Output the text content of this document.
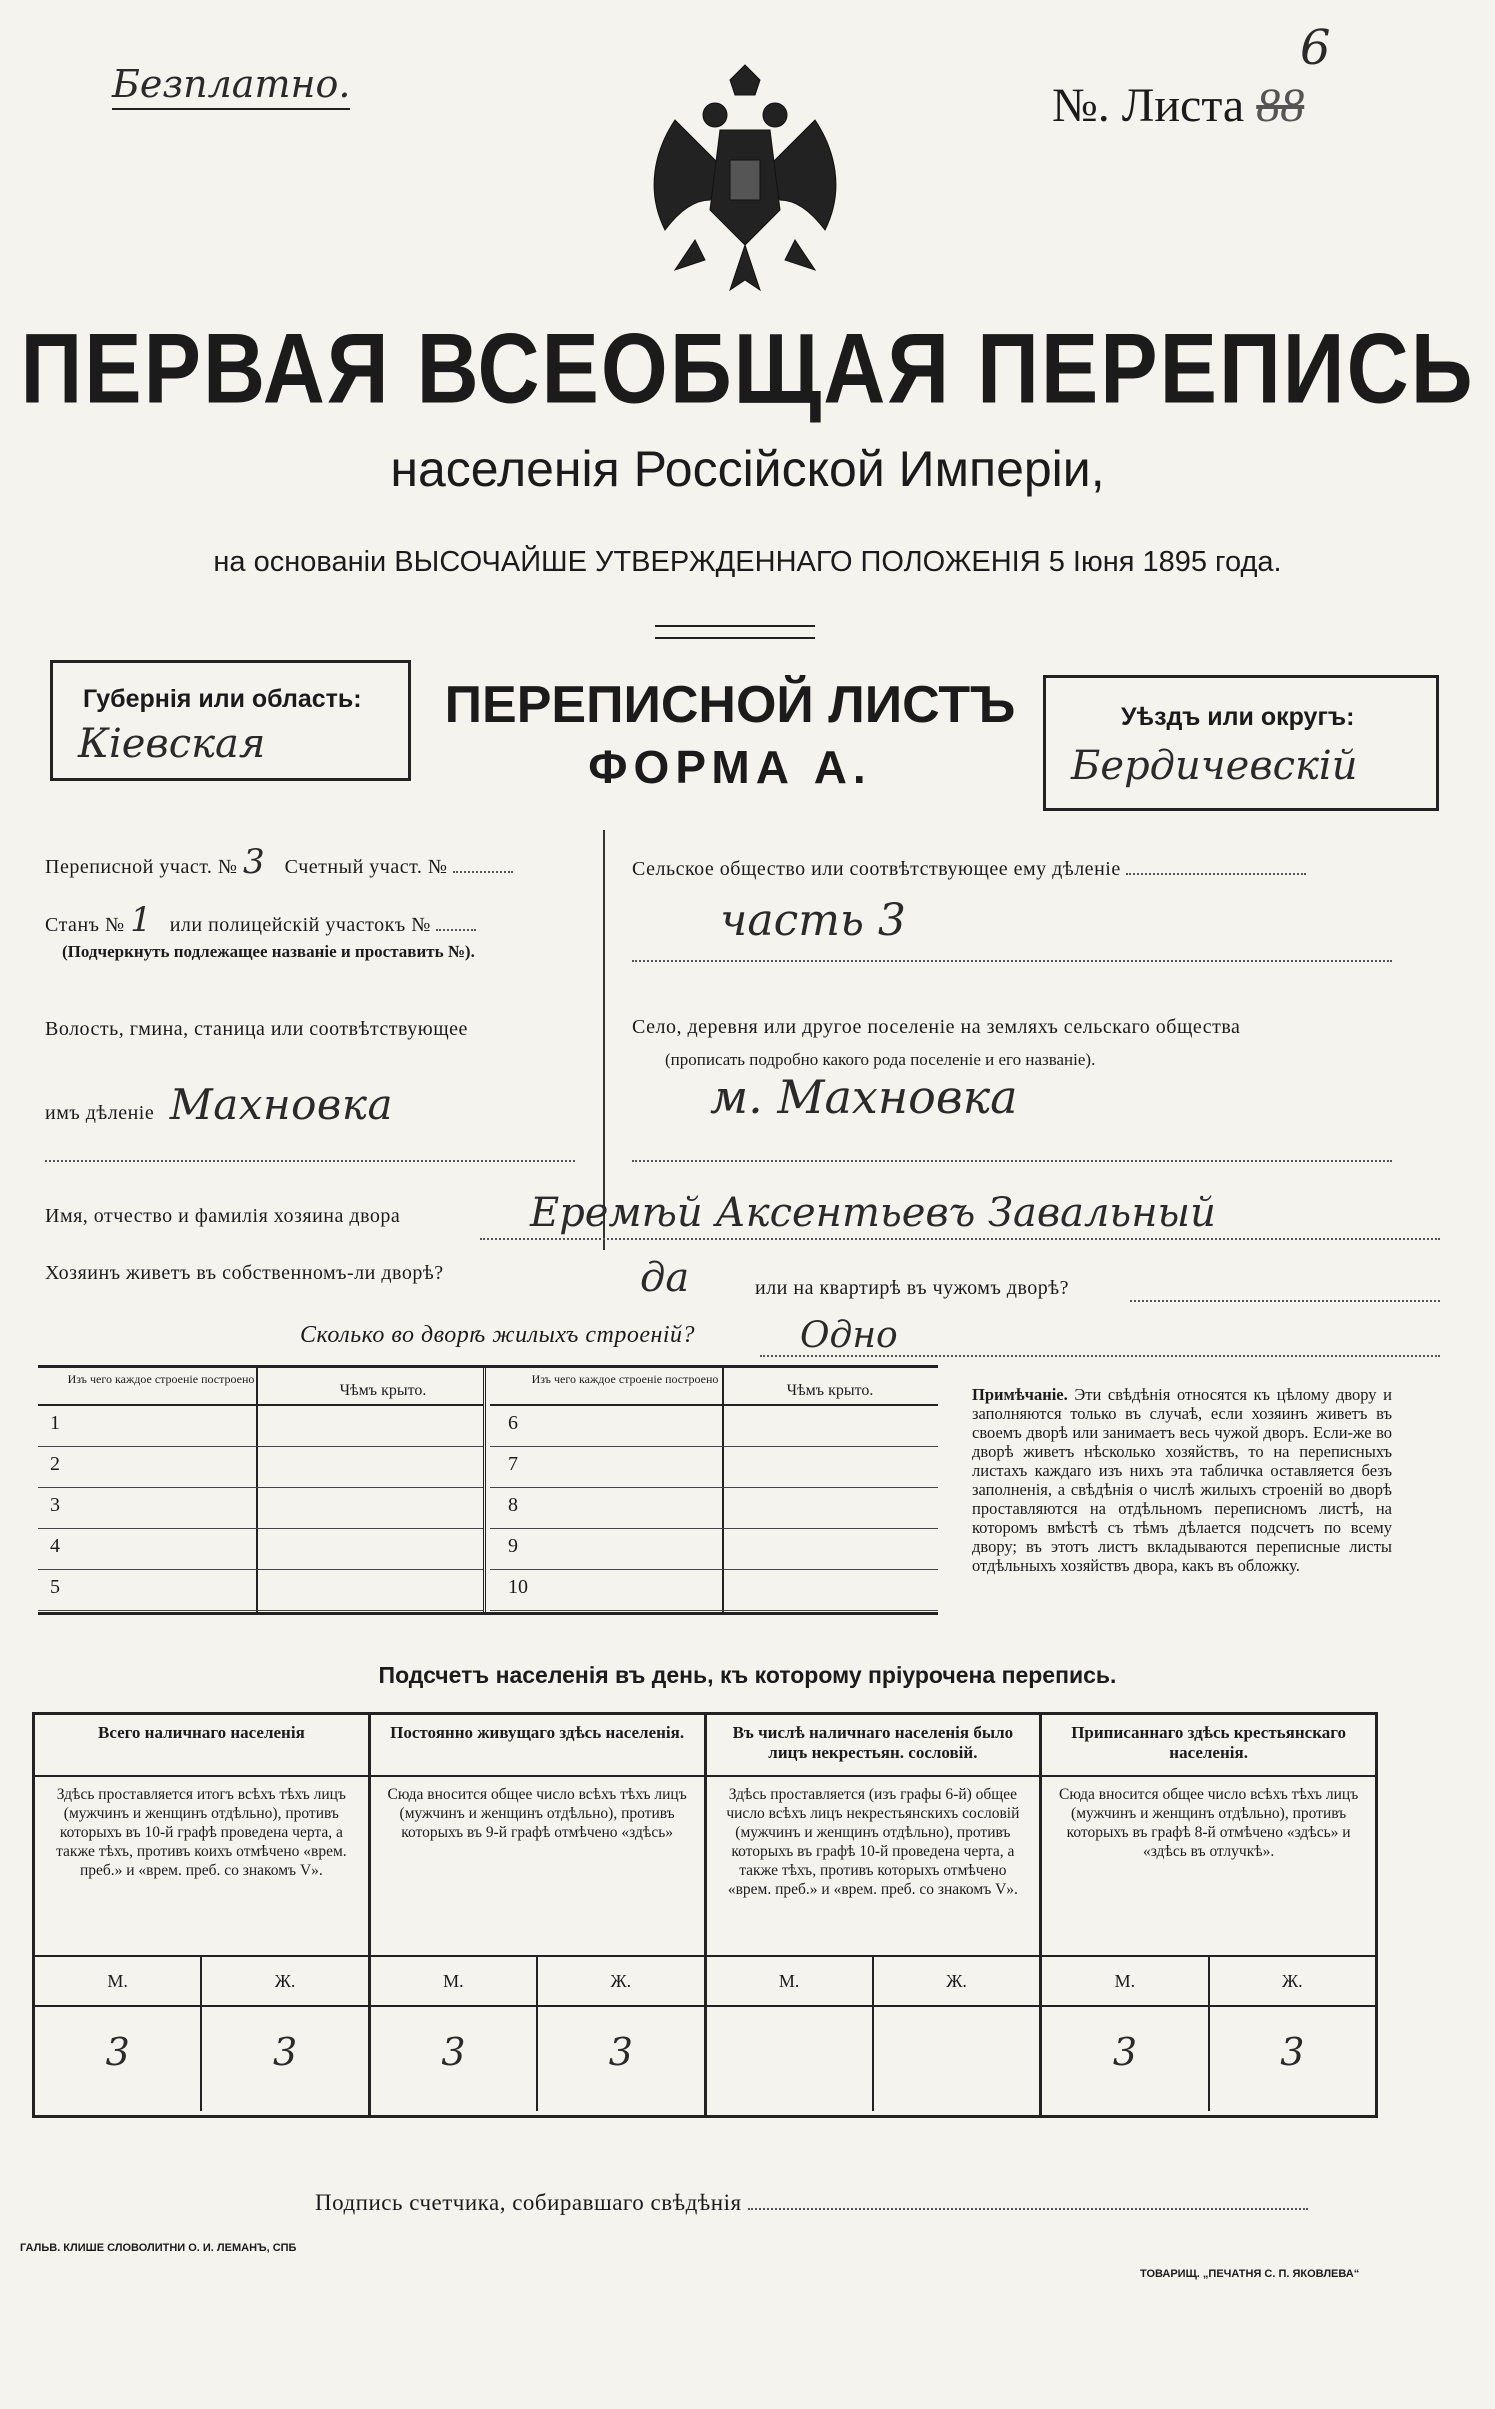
Безплатно.
6
№. Листа 88
ПЕРВАЯ ВСЕОБЩАЯ ПЕРЕПИСЬ
населенія Россійской Имперіи,
на основаніи ВЫСОЧАЙШЕ УТВЕРЖДЕННАГО ПОЛОЖЕНІЯ 5 Іюня 1895 года.
Губернія или область:
Кіевская
ПЕРЕПИСНОЙ ЛИСТЪ
ФОРМА А.
Уѣздъ или округъ:
Бердичевскій
Переписной участ. № 3 Счетный участ. №
Станъ № 1 или полицейскій участокъ №
(Подчеркнуть подлежащее названіе и проставить №).
Волость, гмина, станица или соотвѣтствующее
имъ дѣленіе Махновка
Сельское общество или соотвѣтствующее ему дѣленіе
часть 3
Село, деревня или другое поселеніе на земляхъ сельскаго общества
(прописать подробно какого рода поселеніе и его названіе).
м. Махновка
Имя, отчество и фамилія хозяина двора	Еремѣй Аксентьевъ Завальный
Хозяинъ живетъ въ собственномъ-ли дворѣ?	да	или на квартирѣ въ чужомъ дворѣ?
Сколько во дворѣ жилыхъ строеній?	Одно
Изъ чего каждое строеніе построено
Чѣмъ крыто.
1
2
3
4
5
Изъ чего каждое строеніе построено
Чѣмъ крыто.
6
7
8
9
10
Примѣчаніе. Эти свѣдѣнія относятся къ цѣлому двору и заполняются только въ случаѣ, если хозяинъ живетъ въ своемъ дворѣ или занимаетъ весь чужой дворъ. Если-же во дворѣ живетъ нѣсколько хозяйствъ, то на переписныхъ листахъ каждаго изъ нихъ эта табличка оставляется безъ заполненія, а свѣдѣнія о числѣ жилыхъ строеній во дворѣ проставляются на отдѣльномъ переписномъ листѣ, на которомъ вмѣстѣ съ тѣмъ дѣлается подсчетъ по всему двору; въ этотъ листъ вкладываются переписные листы отдѣльныхъ хозяйствъ двора, какъ въ обложку.
Подсчетъ населенія въ день, къ которому пріурочена перепись.
Всего наличнаго населенія
Здѣсь проставляется итогъ всѣхъ тѣхъ лицъ (мужчинъ и женщинъ отдѣльно), противъ которыхъ въ 10-й графѣ проведена черта, а также тѣхъ, противъ коихъ отмѣчено «врем. преб.» и «врем. преб. со знакомъ V».
М.	Ж.
3	3
Постоянно живущаго здѣсь населенія.
Сюда вносится общее число всѣхъ тѣхъ лицъ (мужчинъ и женщинъ отдѣльно), противъ которыхъ въ 9-й графѣ отмѣчено «здѣсь»
М.	Ж.
3	3
Въ числѣ наличнаго населенія было лицъ некрестьян. сословій.
Здѣсь проставляется (изъ графы 6-й) общее число всѣхъ лицъ некрестьянскихъ сословій (мужчинъ и женщинъ отдѣльно), противъ которыхъ въ графѣ 10-й проведена черта, а также тѣхъ, противъ которыхъ отмѣчено «врем. преб.» и «врем. преб. со знакомъ V».
М.	Ж.
Приписаннаго здѣсь крестьянскаго населенія.
Сюда вносится общее число всѣхъ тѣхъ лицъ (мужчинъ и женщинъ отдѣльно), противъ которыхъ въ графѣ 8-й отмѣчено «здѣсь» и «здѣсь въ отлучкѣ».
М.	Ж.
3	3
Подпись счетчика, собиравшаго свѣдѣнія
ГАЛЬВ. КЛИШЕ СЛОВОЛИТНИ О. И. ЛЕМАНЪ, СПБ
ТОВАРИЩ. „ПЕЧАТНЯ С. П. ЯКОВЛЕВА“
